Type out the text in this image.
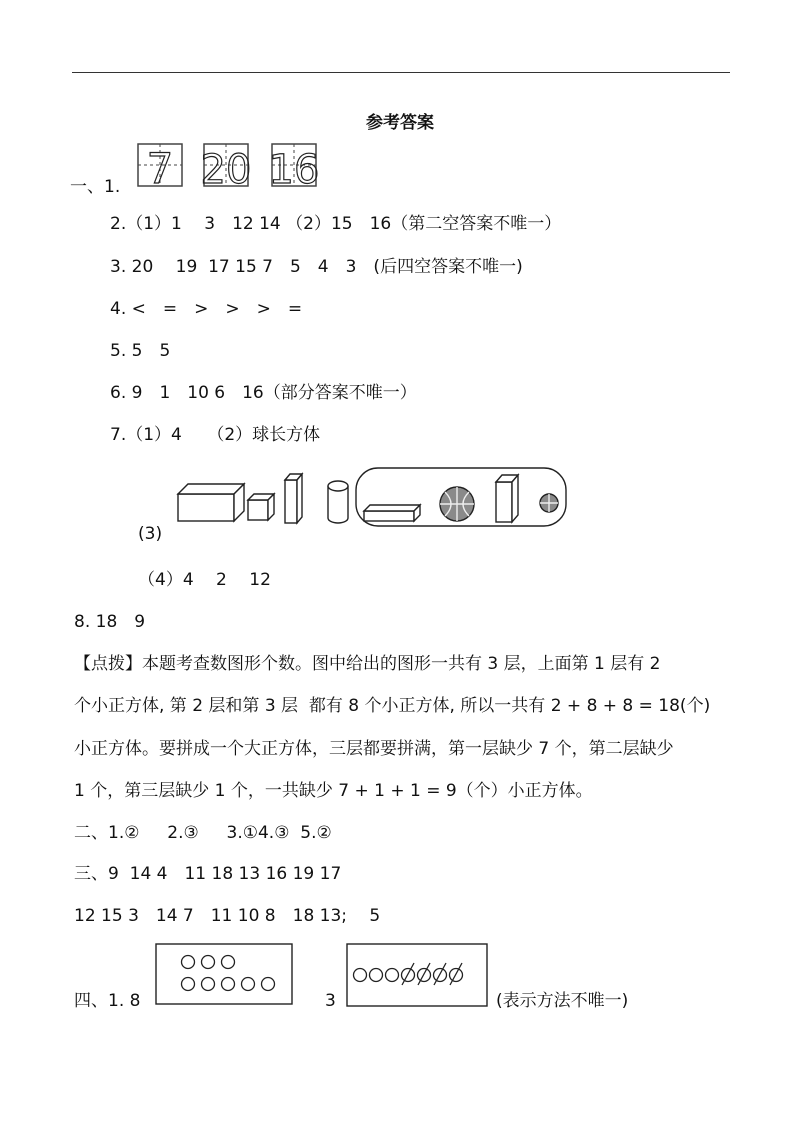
参考答案
一、1. 7 20 16
2.（1）1　 3　12 14 （2）15　16（第二空答案不唯一）
3. 20　 19  17 15 7　5　4　3　(后四空答案不唯一)
4. <　=　>　>　>　=
5. 5　5
6. 9　1　10 6　16（部分答案不唯一）
7.（1）4　　（2）球长方体
(3)
（4）4　 2　 12
8. 18　9
【点拨】本题考查数图形个数。图中给出的图形一共有 3 层，上面第 1 层有 2
个小正方体, 第 2 层和第 3 层  都有 8 个小正方体, 所以一共有 2 + 8 + 8 = 18(个)
小正方体。要拼成一个大正方体，三层都要拼满，第一层缺少 7 个，第二层缺少
1 个，第三层缺少 1 个，一共缺少 7 + 1 + 1 = 9（个）小正方体。
二、1.②　  2.③　  3.①4.③  5.②
三、9  14 4　11 18 13 16 19 17
12 15 3　14 7　11 10 8　18 13;　 5
四、1. 8	3	(表示方法不唯一)
